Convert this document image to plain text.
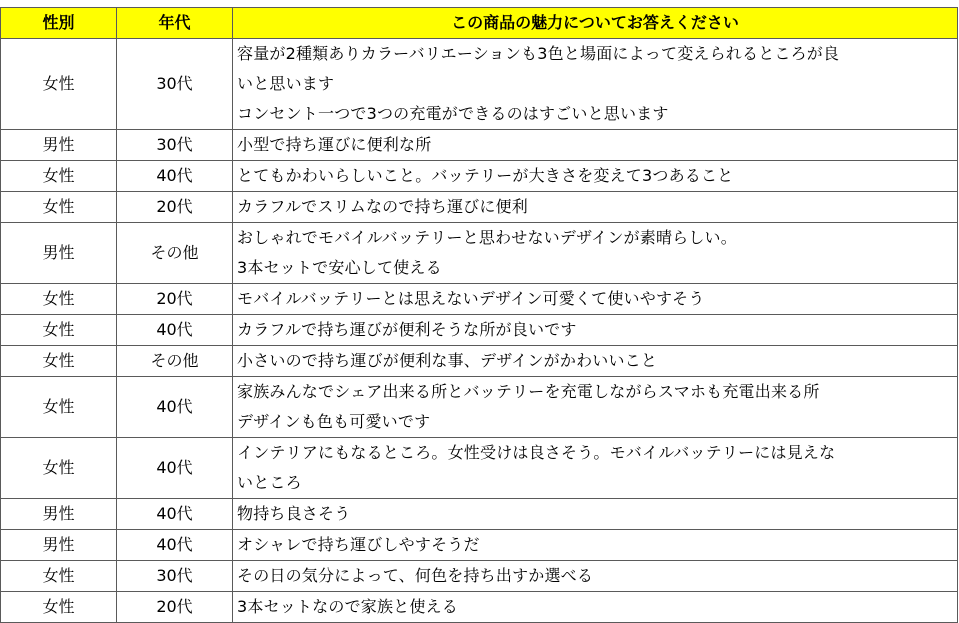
性別	年代	この商品の魅力についてお答えください
女性	30代	容量が2種類ありカラーバリエーションも3色と場面によって変えられるところが良
いと思います
コンセント一つで3つの充電ができるのはすごいと思います

男性	30代	小型で持ち運びに便利な所

女性	40代	とてもかわいらしいこと。バッテリーが大きさを変えて3つあること

女性	20代	カラフルでスリムなので持ち運びに便利

男性	その他	おしゃれでモバイルバッテリーと思わせないデザインが素晴らしい。
3本セットで安心して使える

女性	20代	モバイルバッテリーとは思えないデザイン可愛くて使いやすそう

女性	40代	カラフルで持ち運びが便利そうな所が良いです

女性	その他	小さいので持ち運びが便利な事、デザインがかわいいこと

女性	40代	家族みんなでシェア出来る所とバッテリーを充電しながらスマホも充電出来る所
デザインも色も可愛いです

女性	40代	インテリアにもなるところ。女性受けは良さそう。モバイルバッテリーには見えな
いところ

男性	40代	物持ち良さそう

男性	40代	オシャレで持ち運びしやすそうだ

女性	30代	その日の気分によって、何色を持ち出すか選べる

女性	20代	3本セットなので家族と使える
